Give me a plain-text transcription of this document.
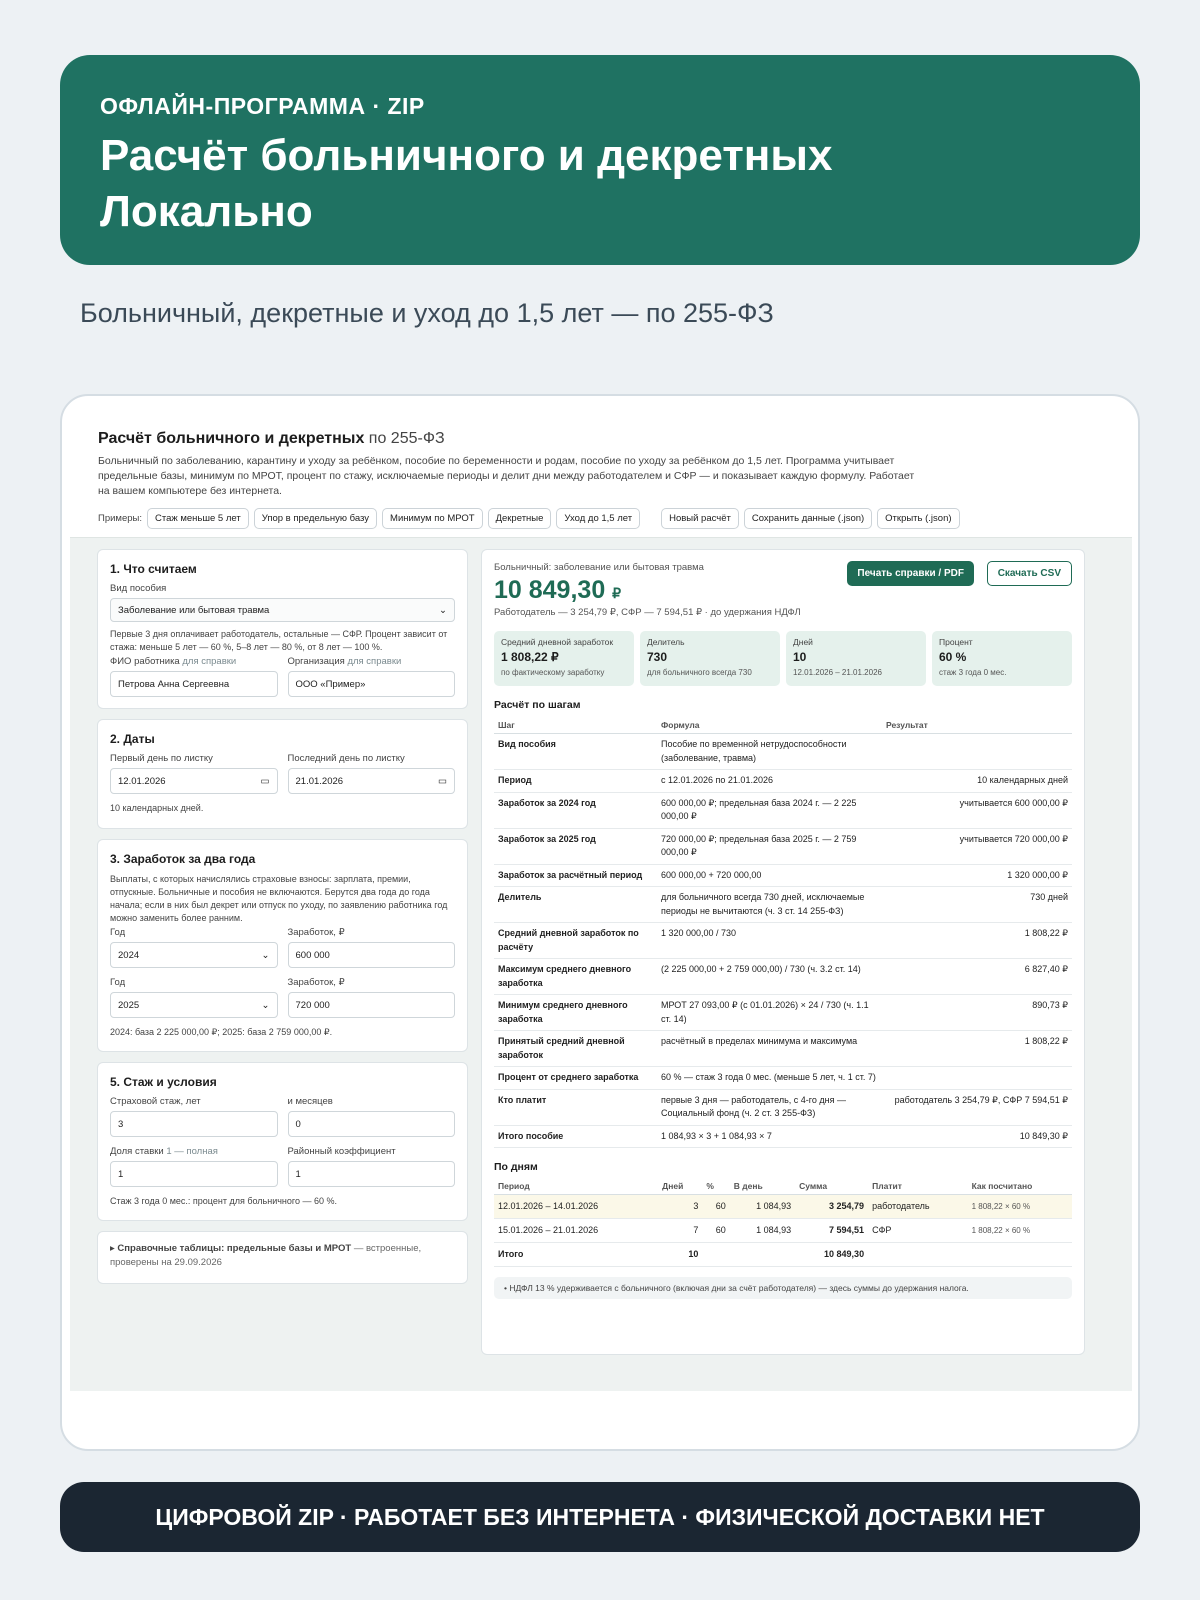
ОФЛАЙН-ПРОГРАММА · ZIP
Расчёт больничного и декретных
Локально
Больничный, декретные и уход до 1,5 лет — по 255-ФЗ
Расчёт больничного и декретных по 255-ФЗ
Больничный по заболеванию, карантину и уходу за ребёнком, пособие по беременности и родам, пособие по уходу за ребёнком до 1,5 лет. Программа учитывает предельные базы, минимум по МРОТ, процент по стажу, исключаемые периоды и делит дни между работодателем и СФР — и показывает каждую формулу. Работает на вашем компьютере без интернета.
Примеры:	Стаж меньше 5 лет	Упор в предельную базу	Минимум по МРОТ	Декретные	Уход до 1,5 лет	Новый расчёт	Сохранить данные (.json)	Открыть (.json)
1. Что считаем
Вид пособия
Заболевание или бытовая травма	⌄
Первые 3 дня оплачивает работодатель, остальные — СФР. Процент зависит от стажа: меньше 5 лет — 60 %, 5–8 лет — 80 %, от 8 лет — 100 %.
ФИО работника для справки
Петрова Анна Сергеевна
Организация для справки
ООО «Пример»
2. Даты
Первый день по листку
12.01.2026	▭
Последний день по листку
21.01.2026	▭
10 календарных дней.
3. Заработок за два года
Выплаты, с которых начислялись страховые взносы: зарплата, премии, отпускные. Больничные и пособия не включаются. Берутся два года до года начала; если в них был декрет или отпуск по уходу, по заявлению работника год можно заменить более ранним.
Год
2024	⌄
Заработок, ₽
600 000
Год
2025	⌄
Заработок, ₽
720 000
2024: база 2 225 000,00 ₽; 2025: база 2 759 000,00 ₽.
5. Стаж и условия
Страховой стаж, лет
3
и месяцев
0
Доля ставки 1 — полная
1
Районный коэффициент
1
Стаж 3 года 0 мес.: процент для больничного — 60 %.
▸ Справочные таблицы: предельные базы и МРОТ — встроенные, проверены на 29.09.2026
Больничный: заболевание или бытовая травма
10 849,30 ₽
Работодатель — 3 254,79 ₽, СФР — 7 594,51 ₽ · до удержания НДФЛ
Печать справки / PDF	Скачать CSV
Средний дневной заработок
1 808,22 ₽
по фактическому заработку
Делитель
730
для больничного всегда 730
Дней
10
12.01.2026 – 21.01.2026
Процент
60 %
стаж 3 года 0 мес.
Расчёт по шагам
Шаг	Формула	Результат
Вид пособия	Пособие по временной нетрудоспособности (заболевание, травма)	
Период	с 12.01.2026 по 21.01.2026	10 календарных дней
Заработок за 2024 год	600 000,00 ₽; предельная база 2024 г. — 2 225 000,00 ₽	учитывается 600 000,00 ₽
Заработок за 2025 год	720 000,00 ₽; предельная база 2025 г. — 2 759 000,00 ₽	учитывается 720 000,00 ₽
Заработок за расчётный период	600 000,00 + 720 000,00	1 320 000,00 ₽
Делитель	для больничного всегда 730 дней, исключаемые периоды не вычитаются (ч. 3 ст. 14 255-ФЗ)	730 дней
Средний дневной заработок по расчёту	1 320 000,00 / 730	1 808,22 ₽
Максимум среднего дневного заработка	(2 225 000,00 + 2 759 000,00) / 730 (ч. 3.2 ст. 14)	6 827,40 ₽
Минимум среднего дневного заработка	МРОТ 27 093,00 ₽ (с 01.01.2026) × 24 / 730 (ч. 1.1 ст. 14)	890,73 ₽
Принятый средний дневной заработок	расчётный в пределах минимума и максимума	1 808,22 ₽
Процент от среднего заработка	60 % — стаж 3 года 0 мес. (меньше 5 лет, ч. 1 ст. 7)	
Кто платит	первые 3 дня — работодатель, с 4-го дня — Социальный фонд (ч. 2 ст. 3 255-ФЗ)	работодатель 3 254,79 ₽, СФР 7 594,51 ₽
Итого пособие	1 084,93 × 3 + 1 084,93 × 7	10 849,30 ₽
По дням
Период	Дней	%	В день	Сумма	Платит	Как посчитано
12.01.2026 – 14.01.2026	3	60	1 084,93	3 254,79	работодатель	1 808,22 × 60 %
15.01.2026 – 21.01.2026	7	60	1 084,93	7 594,51	СФР	1 808,22 × 60 %
Итого	10			10 849,30		
• НДФЛ 13 % удерживается с больничного (включая дни за счёт работодателя) — здесь суммы до удержания налога.
ЦИФРОВОЙ ZIP · РАБОТАЕТ БЕЗ ИНТЕРНЕТА · ФИЗИЧЕСКОЙ ДОСТАВКИ НЕТ
